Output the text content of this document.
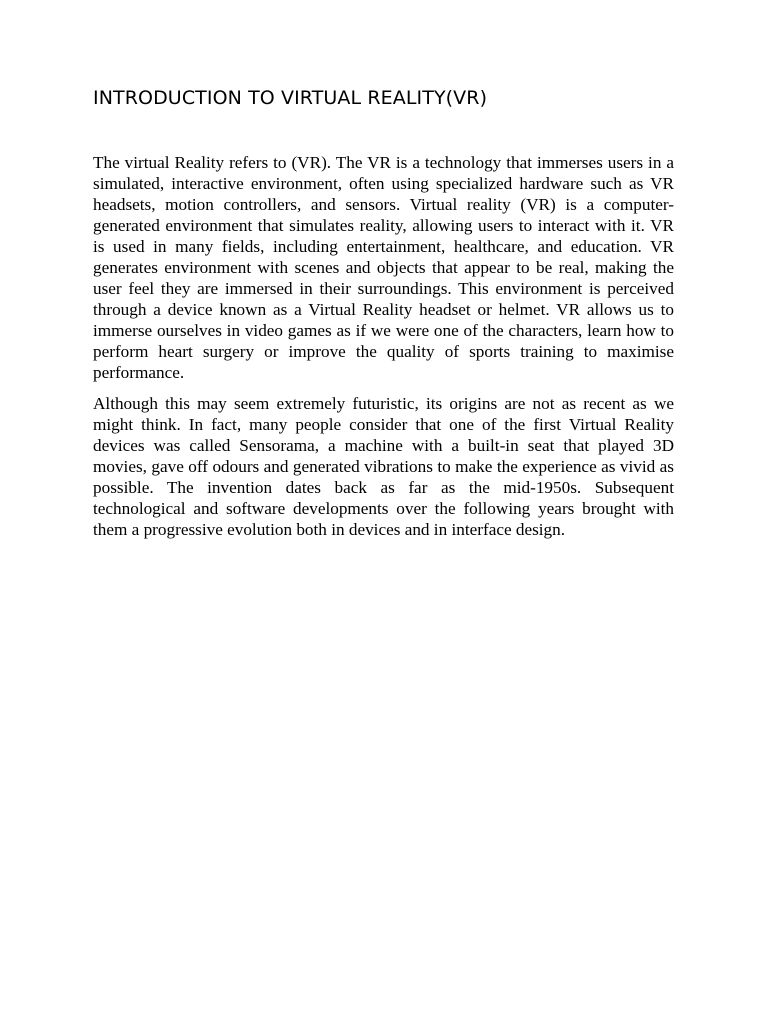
INTRODUCTION TO VIRTUAL REALITY(VR)

The virtual Reality refers to (VR). The VR is a technology that immerses users in a simulated, interactive environment, often using specialized hardware such as VR headsets, motion controllers, and sensors. Virtual reality (VR) is a computer-generated environment that simulates reality, allowing users to interact with it. VR is used in many fields, including entertainment, healthcare, and education. VR generates environment with scenes and objects that appear to be real, making the user feel they are immersed in their surroundings. This environment is perceived through a device known as a Virtual Reality headset or helmet. VR allows us to immerse ourselves in video games as if we were one of the characters, learn how to perform heart surgery or improve the quality of sports training to maximise performance.

Although this may seem extremely futuristic, its origins are not as recent as we might think. In fact, many people consider that one of the first Virtual Reality devices was called Sensorama, a machine with a built-in seat that played 3D movies, gave off odours and generated vibrations to make the experience as vivid as possible. The invention dates back as far as the mid-1950s. Subsequent technological and software developments over the following years brought with them a progressive evolution both in devices and in interface design.
